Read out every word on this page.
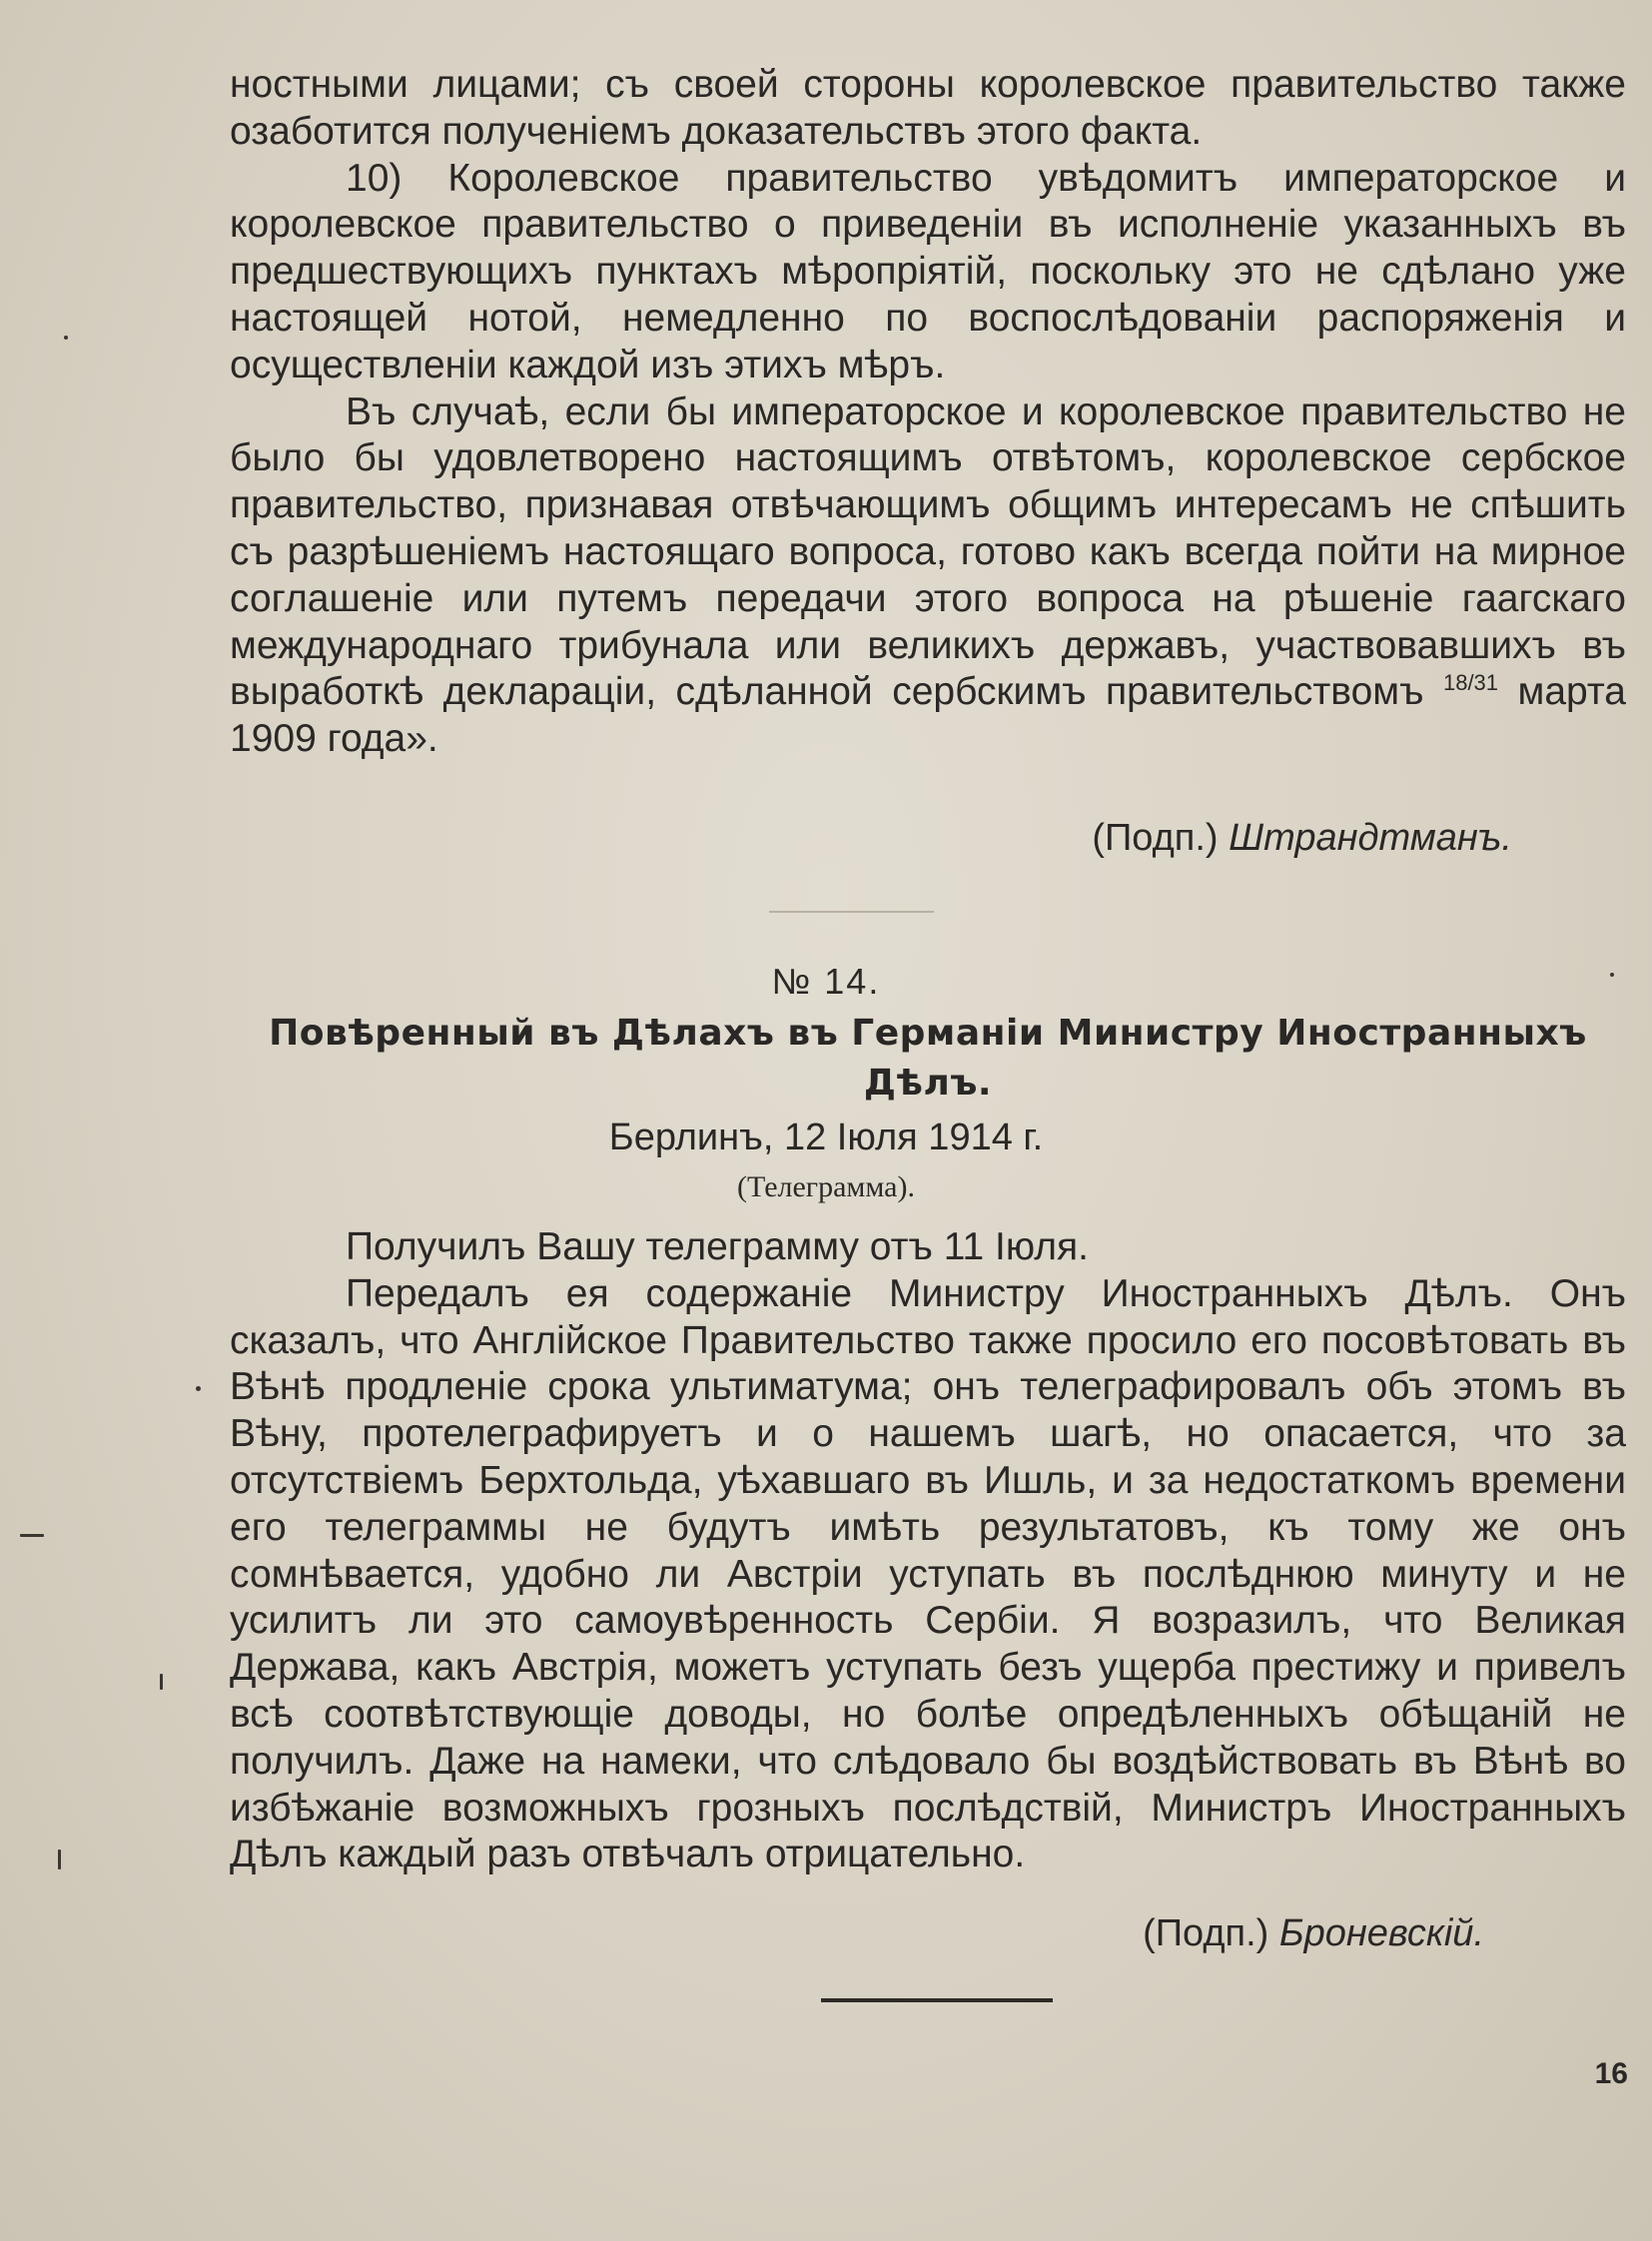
ностными лицами; съ своей стороны королевское правительство также озаботится полученіемъ доказательствъ этого факта.

10) Королевское правительство увѣдомитъ императорское и королевское правительство о приведеніи въ исполненіе указанныхъ въ предшествующихъ пунктахъ мѣропріятій, поскольку это не сдѣлано уже настоящей нотой, немедленно по воспослѣдованіи распоряженія и осуществленіи каждой изъ этихъ мѣръ.

Въ случаѣ, если бы императорское и королевское правительство не было бы удовлетворено настоящимъ отвѣтомъ, королевское сербское правительство, признавая отвѣчающимъ общимъ интересамъ не спѣшить съ разрѣшеніемъ настоящаго вопроса, готово какъ всегда пойти на мирное соглашеніе или путемъ передачи этого вопроса на рѣшеніе гаагскаго международнаго трибунала или великихъ державъ, участвовавшихъ въ выработкѣ деклараціи, сдѣланной сербскимъ правительствомъ $^{18/31}$ марта 1909 года».

(Подп.) Штрандтманъ.

№ 14.
Повѣренный въ Дѣлахъ въ Германіи Министру Иностранныхъ Дѣлъ.
Берлинъ, 12 Іюля 1914 г.
(Телеграмма).

Получилъ Вашу телеграмму отъ 11 Іюля.

Передалъ ея содержаніе Министру Иностранныхъ Дѣлъ. Онъ сказалъ, что Англійское Правительство также просило его посовѣтовать въ Вѣнѣ продленіе срока ультиматума; онъ телеграфировалъ объ этомъ въ Вѣну, протелеграфируетъ и о нашемъ шагѣ, но опасается, что за отсутствіемъ Берхтольда, уѣхавшаго въ Ишль, и за недостаткомъ времени его телеграммы не будутъ имѣть результатовъ, къ тому же онъ сомнѣвается, удобно ли Австріи уступать въ послѣднюю минуту и не усилитъ ли это самоувѣренность Сербіи. Я возразилъ, что Великая Держава, какъ Австрія, можетъ уступать безъ ущерба престижу и привелъ всѣ соотвѣтствующіе доводы, но болѣе опредѣленныхъ обѣщаній не получилъ. Даже на намеки, что слѣдовало бы воздѣйствовать въ Вѣнѣ во избѣжаніе возможныхъ грозныхъ послѣдствій, Министръ Иностранныхъ Дѣлъ каждый разъ отвѣчалъ отрицательно.

(Подп.) Броневскій.

16
